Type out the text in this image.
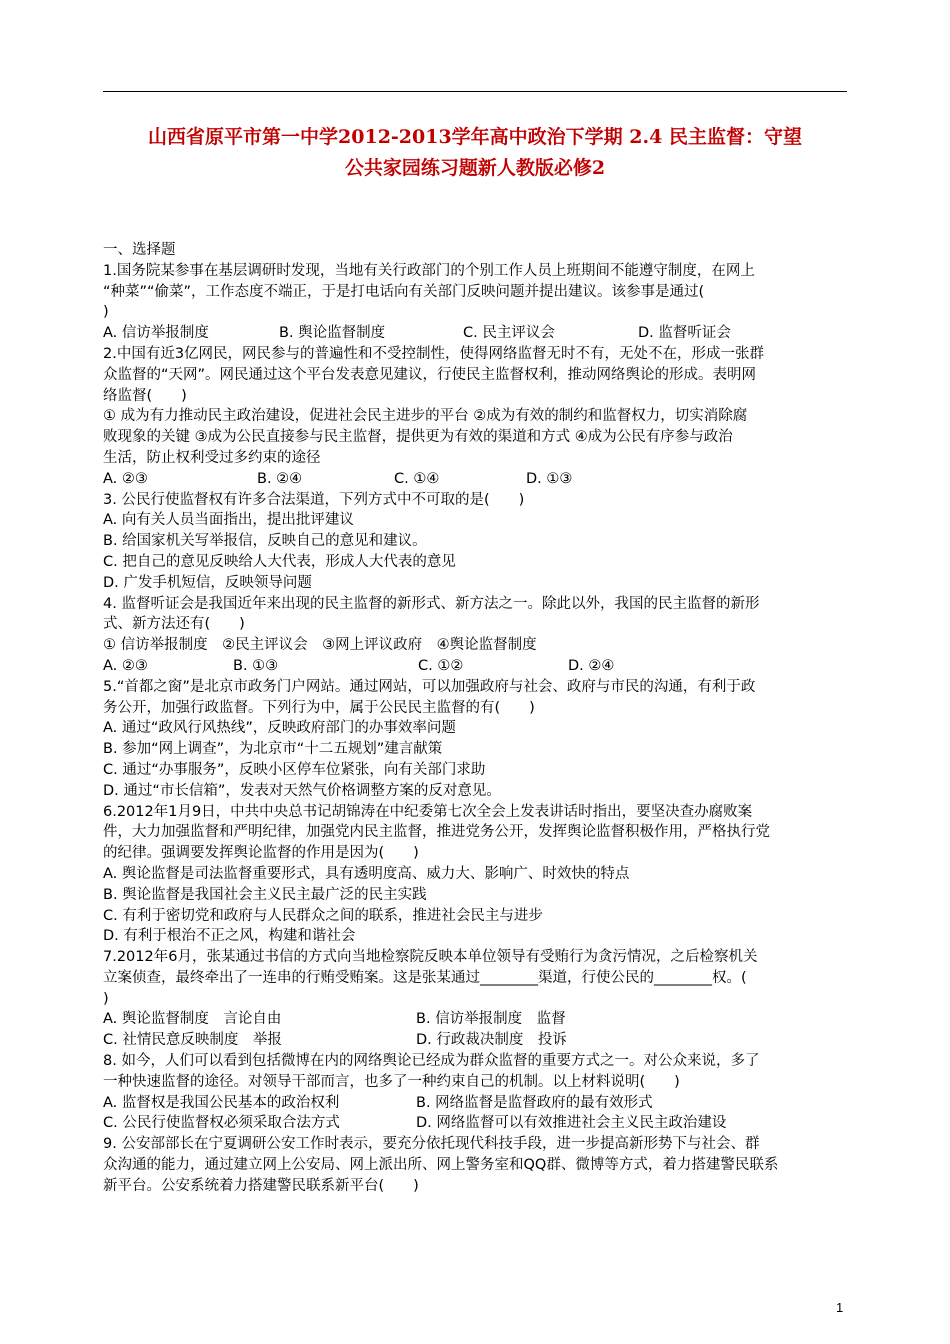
山西省原平市第一中学2012-2013学年高中政治下学期 2.4 民主监督：守望
公共家园练习题新人教版必修2
一、选择题
1.国务院某参事在基层调研时发现，当地有关行政部门的个别工作人员上班期间不能遵守制度，在网上
“种菜”“偷菜”，工作态度不端正，于是打电话向有关部门反映问题并提出建议。该参事是通过(
)
A. 信访举报制度	B. 舆论监督制度	C. 民主评议会	D. 监督听证会
2.中国有近3亿网民，网民参与的普遍性和不受控制性，使得网络监督无时不有，无处不在，形成一张群
众监督的“天网”。网民通过这个平台发表意见建议，行使民主监督权利，推动网络舆论的形成。表明网
络监督(　　)
① 成为有力推动民主政治建设，促进社会民主进步的平台 ②成为有效的制约和监督权力，切实消除腐
败现象的关键 ③成为公民直接参与民主监督，提供更为有效的渠道和方式 ④成为公民有序参与政治
生活，防止权利受过多约束的途径
A. ②③	B. ②④	C. ①④	D. ①③
3. 公民行使监督权有许多合法渠道，下列方式中不可取的是(　　)
A. 向有关人员当面指出，提出批评建议
B. 给国家机关写举报信，反映自己的意见和建议。
C. 把自己的意见反映给人大代表，形成人大代表的意见
D. 广发手机短信，反映领导问题
4. 监督听证会是我国近年来出现的民主监督的新形式、新方法之一。除此以外，我国的民主监督的新形
式、新方法还有(　　)
① 信访举报制度　②民主评议会　③网上评议政府　④舆论监督制度
A. ②③	B. ①③	C. ①②	D. ②④
5.“首都之窗”是北京市政务门户网站。通过网站，可以加强政府与社会、政府与市民的沟通，有利于政
务公开，加强行政监督。下列行为中，属于公民民主监督的有(　　)
A. 通过“政风行风热线”，反映政府部门的办事效率问题
B. 参加“网上调查”，为北京市“十二五规划”建言献策
C. 通过“办事服务”，反映小区停车位紧张，向有关部门求助
D. 通过“市长信箱”，发表对天然气价格调整方案的反对意见。
6.2012年1月9日，中共中央总书记胡锦涛在中纪委第七次全会上发表讲话时指出，要坚决查办腐败案
件，大力加强监督和严明纪律，加强党内民主监督，推进党务公开，发挥舆论监督积极作用，严格执行党
的纪律。强调要发挥舆论监督的作用是因为(　　)
A. 舆论监督是司法监督重要形式，具有透明度高、威力大、影响广、时效快的特点
B. 舆论监督是我国社会主义民主最广泛的民主实践
C. 有利于密切党和政府与人民群众之间的联系，推进社会民主与进步
D. 有利于根治不正之风，构建和谐社会
7.2012年6月，张某通过书信的方式向当地检察院反映本单位领导有受贿行为贪污情况，之后检察机关
立案侦查，最终牵出了一连串的行贿受贿案。这是张某通过________渠道，行使公民的________权。(
)
A. 舆论监督制度　言论自由	B. 信访举报制度　监督
C. 社情民意反映制度　举报	D. 行政裁决制度　投诉
8. 如今，人们可以看到包括微博在内的网络舆论已经成为群众监督的重要方式之一。对公众来说，多了
一种快速监督的途径。对领导干部而言，也多了一种约束自己的机制。以上材料说明(　　)
A. 监督权是我国公民基本的政治权利	B. 网络监督是监督政府的最有效形式
C. 公民行使监督权必须采取合法方式	D. 网络监督可以有效推进社会主义民主政治建设
9. 公安部部长在宁夏调研公安工作时表示，要充分依托现代科技手段，进一步提高新形势下与社会、群
众沟通的能力，通过建立网上公安局、网上派出所、网上警务室和QQ群、微博等方式，着力搭建警民联系
新平台。公安系统着力搭建警民联系新平台(　　)
1
